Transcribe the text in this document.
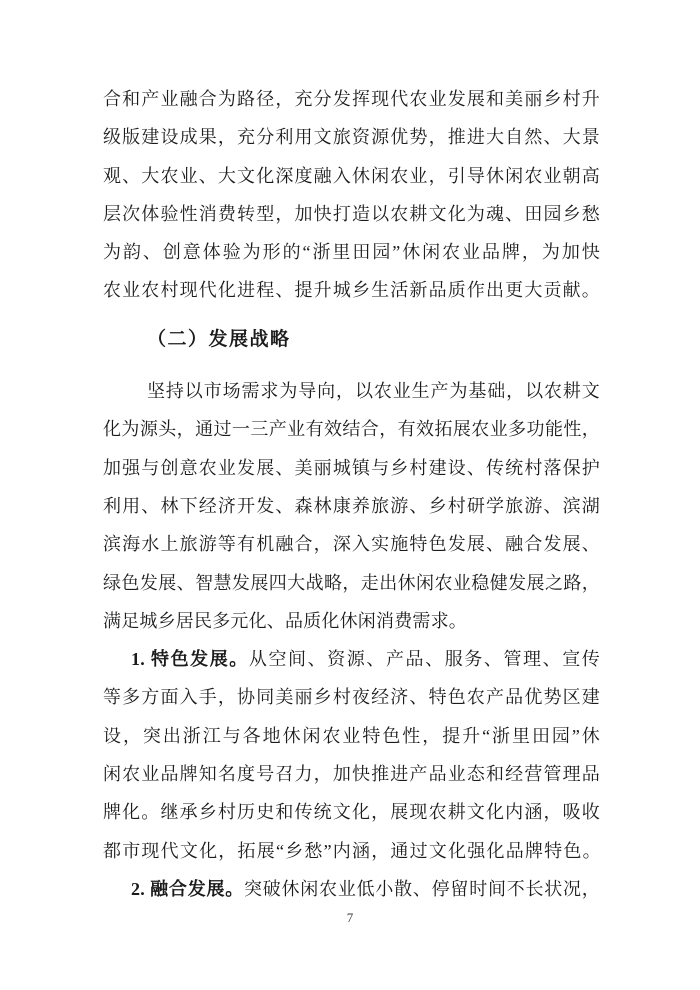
合和产业融合为路径，充分发挥现代农业发展和美丽乡村升
级版建设成果，充分利用文旅资源优势，推进大自然、大景
观、大农业、大文化深度融入休闲农业，引导休闲农业朝高
层次体验性消费转型，加快打造以农耕文化为魂、田园乡愁
为韵、创意体验为形的“浙里田园”休闲农业品牌，为加快
农业农村现代化进程、提升城乡生活新品质作出更大贡献。
（二）发展战略
坚持以市场需求为导向，以农业生产为基础，以农耕文
化为源头，通过一三产业有效结合，有效拓展农业多功能性，
加强与创意农业发展、美丽城镇与乡村建设、传统村落保护
利用、林下经济开发、森林康养旅游、乡村研学旅游、滨湖
滨海水上旅游等有机融合，深入实施特色发展、融合发展、
绿色发展、智慧发展四大战略，走出休闲农业稳健发展之路，
满足城乡居民多元化、品质化休闲消费需求。
1. 特色发展。从空间、资源、产品、服务、管理、宣传
等多方面入手，协同美丽乡村夜经济、特色农产品优势区建
设，突出浙江与各地休闲农业特色性，提升“浙里田园”休
闲农业品牌知名度号召力，加快推进产品业态和经营管理品
牌化。继承乡村历史和传统文化，展现农耕文化内涵，吸收
都市现代文化，拓展“乡愁”内涵，通过文化强化品牌特色。
2. 融合发展。突破休闲农业低小散、停留时间不长状况，
7
